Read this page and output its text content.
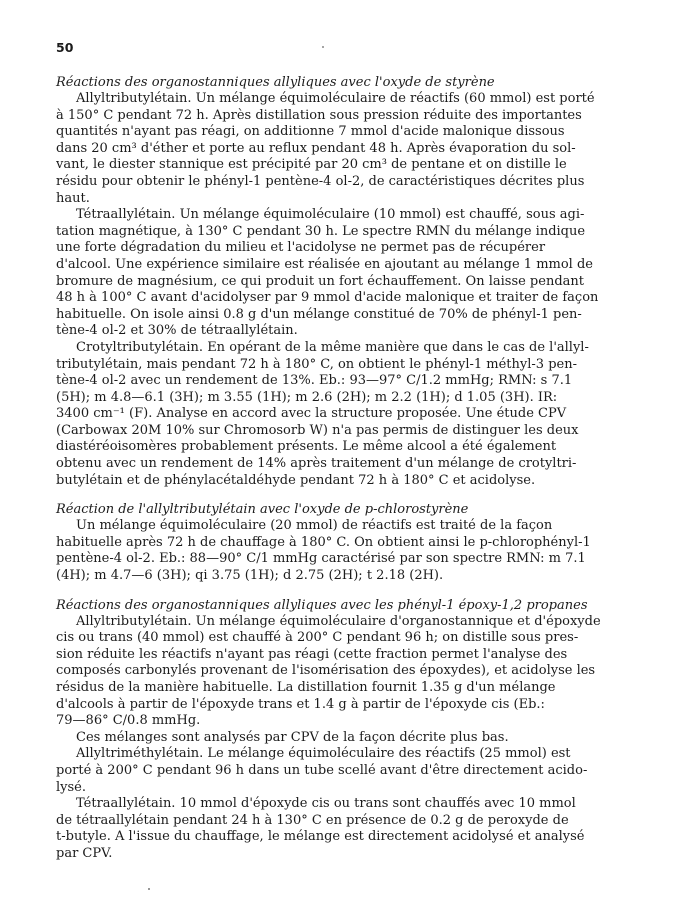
50
Réactions des organostanniques allyliques avec l'oxyde de styrène
Allyltributylétain. Un mélange équimoléculaire de réactifs (60 mmol) est porté
à 150° C pendant 72 h. Après distillation sous pression réduite des importantes
quantités n'ayant pas réagi, on additionne 7 mmol d'acide malonique dissous
dans 20 cm³ d'éther et porte au reflux pendant 48 h. Après évaporation du sol-
vant, le diester stannique est précipité par 20 cm³ de pentane et on distille le
résidu pour obtenir le phényl-1 pentène-4 ol-2, de caractéristiques décrites plus
haut.
Tétraallylétain. Un mélange équimoléculaire (10 mmol) est chauffé, sous agi-
tation magnétique, à 130° C pendant 30 h. Le spectre RMN du mélange indique
une forte dégradation du milieu et l'acidolyse ne permet pas de récupérer
d'alcool. Une expérience similaire est réalisée en ajoutant au mélange 1 mmol de
bromure de magnésium, ce qui produit un fort échauffement. On laisse pendant
48 h à 100° C avant d'acidolyser par 9 mmol d'acide malonique et traiter de façon
habituelle. On isole ainsi 0.8 g d'un mélange constitué de 70% de phényl-1 pen-
tène-4 ol-2 et 30% de tétraallylétain.
Crotyltributylétain. En opérant de la même manière que dans le cas de l'allyl-
tributylétain, mais pendant 72 h à 180° C, on obtient le phényl-1 méthyl-3 pen-
tène-4 ol-2 avec un rendement de 13%. Eb.: 93—97° C/1.2 mmHg; RMN: s 7.1
(5H); m 4.8—6.1 (3H); m 3.55 (1H); m 2.6 (2H); m 2.2 (1H); d 1.05 (3H). IR:
3400 cm⁻¹ (F). Analyse en accord avec la structure proposée. Une étude CPV
(Carbowax 20M 10% sur Chromosorb W) n'a pas permis de distinguer les deux
diastéréoisomères probablement présents. Le même alcool a été également
obtenu avec un rendement de 14% après traitement d'un mélange de crotyltri-
butylétain et de phénylacétaldéhyde pendant 72 h à 180° C et acidolyse.
Réaction de l'allyltributylétain avec l'oxyde de p-chlorostyrène
Un mélange équimoléculaire (20 mmol) de réactifs est traité de la façon
habituelle après 72 h de chauffage à 180° C. On obtient ainsi le p-chlorophényl-1
pentène-4 ol-2. Eb.: 88—90° C/1 mmHg caractérisé par son spectre RMN: m 7.1
(4H); m 4.7—6 (3H); qi 3.75 (1H); d 2.75 (2H); t 2.18 (2H).
Réactions des organostanniques allyliques avec les phényl-1 époxy-1,2 propanes
Allyltributylétain. Un mélange équimoléculaire d'organostannique et d'époxyde
cis ou trans (40 mmol) est chauffé à 200° C pendant 96 h; on distille sous pres-
sion réduite les réactifs n'ayant pas réagi (cette fraction permet l'analyse des
composés carbonylés provenant de l'isomérisation des époxydes), et acidolyse les
résidus de la manière habituelle. La distillation fournit 1.35 g d'un mélange
d'alcools à partir de l'époxyde trans et 1.4 g à partir de l'époxyde cis (Eb.:
79—86° C/0.8 mmHg.
Ces mélanges sont analysés par CPV de la façon décrite plus bas.
Allyltriméthylétain. Le mélange équimoléculaire des réactifs (25 mmol) est
porté à 200° C pendant 96 h dans un tube scellé avant d'être directement acido-
lysé.
Tétraallylétain. 10 mmol d'époxyde cis ou trans sont chauffés avec 10 mmol
de tétraallylétain pendant 24 h à 130° C en présence de 0.2 g de peroxyde de
t-butyle. A l'issue du chauffage, le mélange est directement acidolysé et analysé
par CPV.
